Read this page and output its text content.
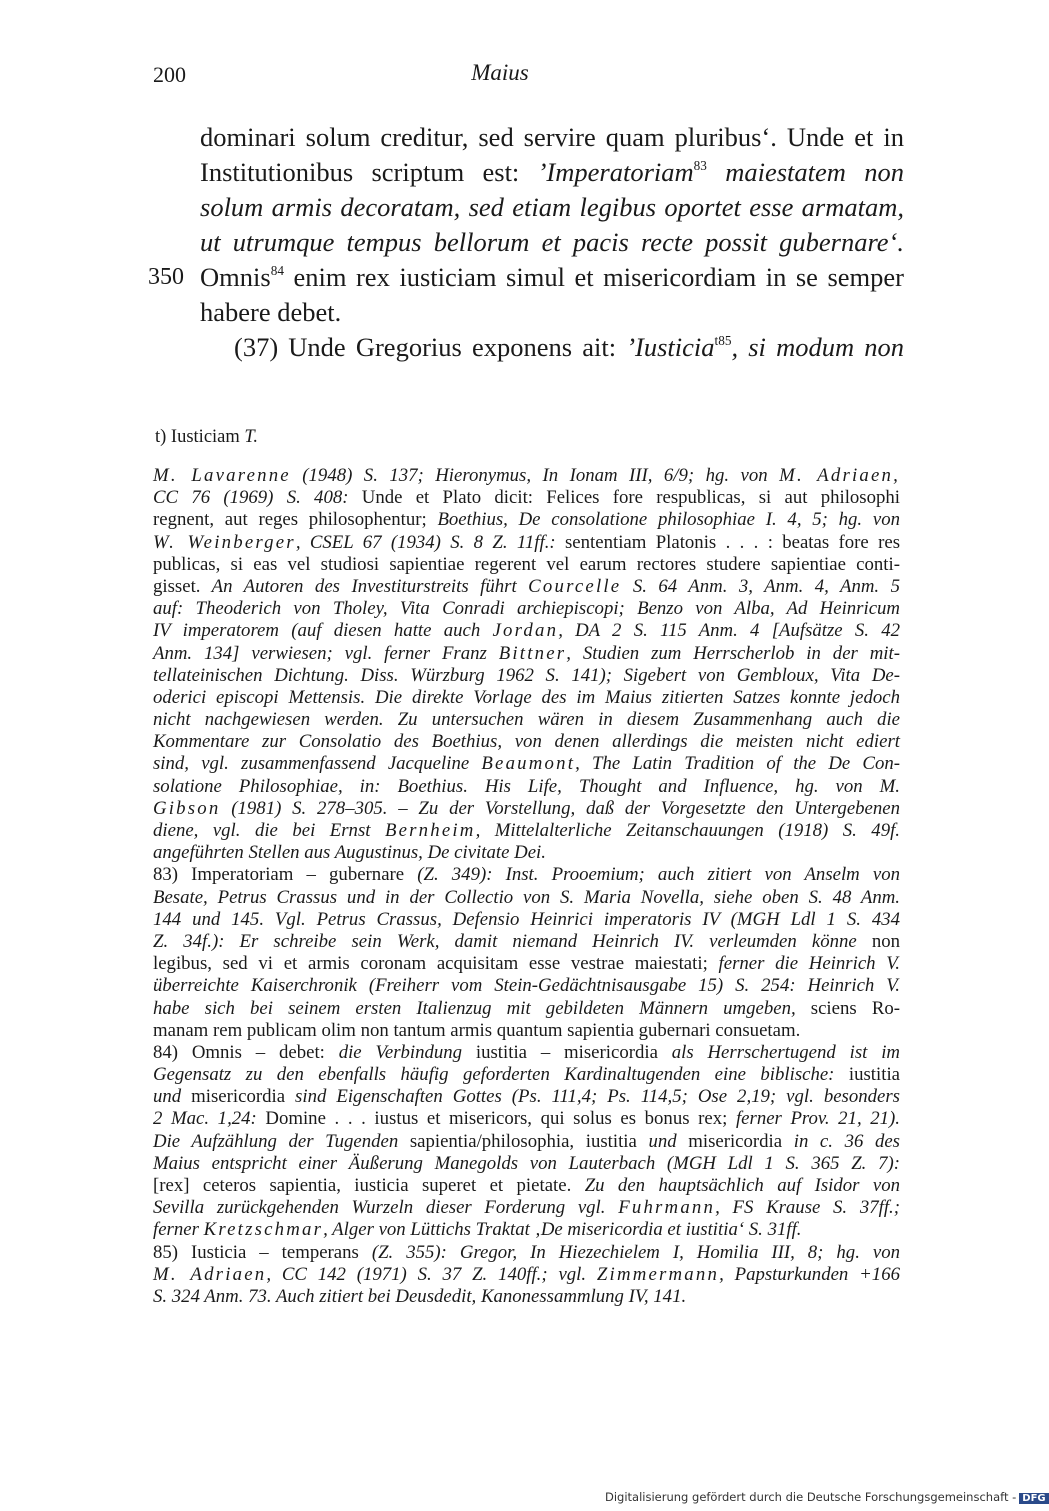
200	Maius
dominari solum creditur, sed servire quam pluribus‘. Unde et in
Institutionibus scriptum est: ’Imperatoriam$^{83}$ maiestatem non
solum armis decoratam, sed etiam legibus oportet esse armatam,
ut utrumque tempus bellorum et pacis recte possit gubernare‘.
350 Omnis$^{84}$ enim rex iusticiam simul et misericordiam in se semper
habere debet.
(37) Unde Gregorius exponens ait: ’Iusticia$^{t85}$, si modum non
t) Iusticiam T.
M. Lavarenne (1948) S. 137; Hieronymus, In Ionam III, 6/9; hg. von M. Adriaen,
CC 76 (1969) S. 408: Unde et Plato dicit: Felices fore respublicas, si aut philosophi
regnent, aut reges philosophentur; Boethius, De consolatione philosophiae I. 4, 5; hg. von
W. Weinberger, CSEL 67 (1934) S. 8 Z. 11ff.: sententiam Platonis . . . : beatas fore res
publicas, si eas vel studiosi sapientiae regerent vel earum rectores studere sapientiae conti-
gisset. An Autoren des Investiturstreits führt Courcelle S. 64 Anm. 3, Anm. 4, Anm. 5
auf: Theoderich von Tholey, Vita Conradi archiepiscopi; Benzo von Alba, Ad Heinricum
IV imperatorem (auf diesen hatte auch Jordan, DA 2 S. 115 Anm. 4 [Aufsätze S. 42
Anm. 134] verwiesen; vgl. ferner Franz Bittner, Studien zum Herrscherlob in der mit-
tellateinischen Dichtung. Diss. Würzburg 1962 S. 141); Sigebert von Gembloux, Vita De-
oderici episcopi Mettensis. Die direkte Vorlage des im Maius zitierten Satzes konnte jedoch
nicht nachgewiesen werden. Zu untersuchen wären in diesem Zusammenhang auch die
Kommentare zur Consolatio des Boethius, von denen allerdings die meisten nicht ediert
sind, vgl. zusammenfassend Jacqueline Beaumont, The Latin Tradition of the De Con-
solatione Philosophiae, in: Boethius. His Life, Thought and Influence, hg. von M.
Gibson (1981) S. 278–305. – Zu der Vorstellung, daß der Vorgesetzte den Untergebenen
diene, vgl. die bei Ernst Bernheim, Mittelalterliche Zeitanschauungen (1918) S. 49f.
angeführten Stellen aus Augustinus, De civitate Dei.
83) Imperatoriam – gubernare (Z. 349): Inst. Prooemium; auch zitiert von Anselm von
Besate, Petrus Crassus und in der Collectio von S. Maria Novella, siehe oben S. 48 Anm.
144 und 145. Vgl. Petrus Crassus, Defensio Heinrici imperatoris IV (MGH Ldl 1 S. 434
Z. 34f.): Er schreibe sein Werk, damit niemand Heinrich IV. verleumden könne non
legibus, sed vi et armis coronam acquisitam esse vestrae maiestati; ferner die Heinrich V.
überreichte Kaiserchronik (Freiherr vom Stein-Gedächtnisausgabe 15) S. 254: Heinrich V.
habe sich bei seinem ersten Italienzug mit gebildeten Männern umgeben, sciens Ro-
manam rem publicam olim non tantum armis quantum sapientia gubernari consuetam.
84) Omnis – debet: die Verbindung iustitia – misericordia als Herrschertugend ist im
Gegensatz zu den ebenfalls häufig geforderten Kardinaltugenden eine biblische: iustitia
und misericordia sind Eigenschaften Gottes (Ps. 111,4; Ps. 114,5; Ose 2,19; vgl. besonders
2 Mac. 1,24: Domine . . . iustus et misericors, qui solus es bonus rex; ferner Prov. 21, 21).
Die Aufzählung der Tugenden sapientia/philosophia, iustitia und misericordia in c. 36 des
Maius entspricht einer Äußerung Manegolds von Lauterbach (MGH Ldl 1 S. 365 Z. 7):
[rex] ceteros sapientia, iusticia superet et pietate. Zu den hauptsächlich auf Isidor von
Sevilla zurückgehenden Wurzeln dieser Forderung vgl. Fuhrmann, FS Krause S. 37ff.;
ferner Kretzschmar, Alger von Lüttichs Traktat ‚De misericordia et iustitia‘ S. 31ff.
85) Iusticia – temperans (Z. 355): Gregor, In Hiezechielem I, Homilia III, 8; hg. von
M. Adriaen, CC 142 (1971) S. 37 Z. 140ff.; vgl. Zimmermann, Papsturkunden +166
S. 324 Anm. 73. Auch zitiert bei Deusdedit, Kanonessammlung IV, 141.
Digitalisierung gefördert durch die Deutsche Forschungsgemeinschaft - DFG
